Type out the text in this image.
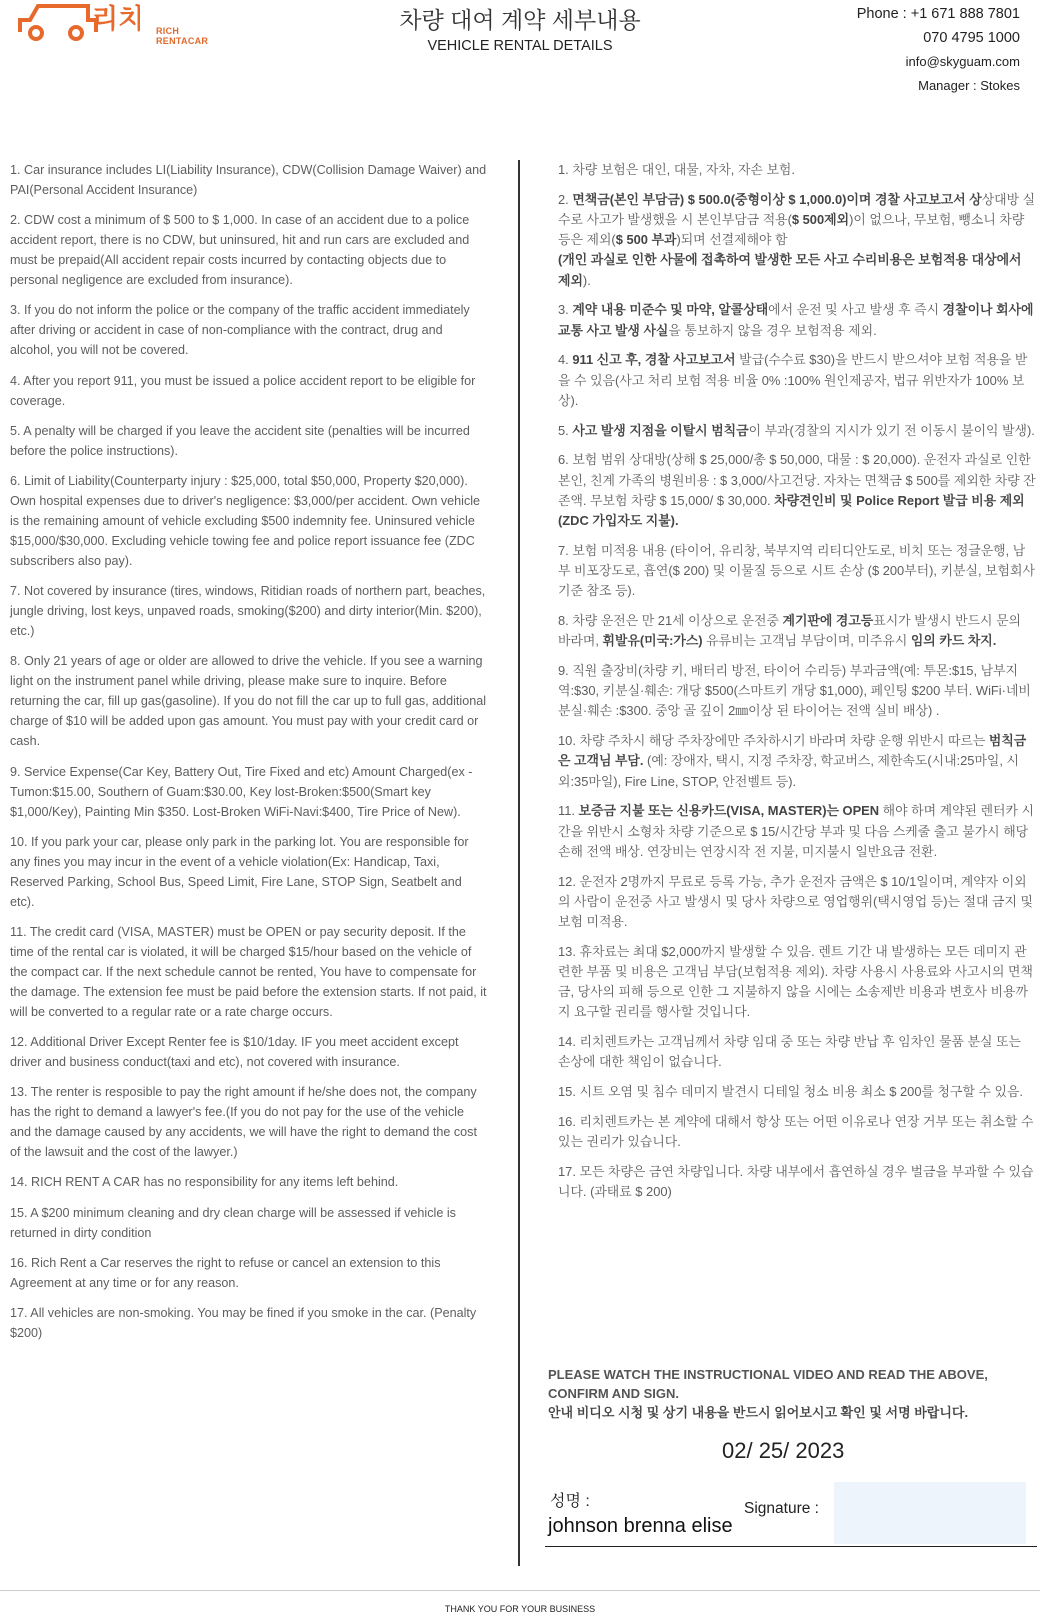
리치	RICH RENTACAR
차량 대여 계약 세부내용
VEHICLE RENTAL DETAILS
Phone : +1 671 888 7801
070 4795 1000
info@skyguam.com
Manager : Stokes

1. Car insurance includes LI(Liability Insurance), CDW(Collision Damage Waiver) and PAI(Personal Accident Insurance)

2. CDW cost a minimum of $ 500 to $ 1,000. In case of an accident due to a police accident report, there is no CDW, but uninsured, hit and run cars are excluded and must be prepaid(All accident repair costs incurred by contacting objects due to personal negligence are excluded from insurance).

3. If you do not inform the police or the company of the traffic accident immediately after driving or accident in case of non-compliance with the contract, drug and alcohol, you will not be covered.

4. After you report 911, you must be issued a police accident report to be eligible for coverage.

5. A penalty will be charged if you leave the accident site (penalties will be incurred before the police instructions).

6. Limit of Liability(Counterparty injury : $25,000, total $50,000, Property $20,000). Own hospital expenses due to driver's negligence: $3,000/per accident. Own vehicle is the remaining amount of vehicle excluding $500 indemnity fee. Uninsured vehicle $15,000/$30,000. Excluding vehicle towing fee and police report issuance fee (ZDC subscribers also pay).

7. Not covered by insurance (tires, windows, Ritidian roads of northern part, beaches, jungle driving, lost keys, unpaved roads, smoking($200) and dirty interior(Min. $200), etc.)

8. Only 21 years of age or older are allowed to drive the vehicle. If you see a warning light on the instrument panel while driving, please make sure to inquire. Before returning the car, fill up gas(gasoline). If you do not fill the car up to full gas, additional charge of $10 will be added upon gas amount. You must pay with your credit card or cash.

9. Service Expense(Car Key, Battery Out, Tire Fixed and etc) Amount Charged(ex -Tumon:$15.00, Southern of Guam:$30.00, Key lost-Broken:$500(Smart key $1,000/Key), Painting Min $350. Lost-Broken WiFi-Navi:$400, Tire Price of New).

10. If you park your car, please only park in the parking lot. You are responsible for any fines you may incur in the event of a vehicle violation(Ex: Handicap, Taxi, Reserved Parking, School Bus, Speed Limit, Fire Lane, STOP Sign, Seatbelt and etc).

11. The credit card (VISA, MASTER) must be OPEN or pay security deposit. If the time of the rental car is violated, it will be charged $15/hour based on the vehicle of the compact car. If the next schedule cannot be rented, You have to compensate for the damage. The extension fee must be paid before the extension starts. If not paid, it will be converted to a regular rate or a rate charge occurs.

12. Additional Driver Except Renter fee is $10/1day. IF you meet accident except driver and business conduct(taxi and etc), not covered with insurance.

13. The renter is resposible to pay the right amount if he/she does not, the company has the right to demand a lawyer's fee.(If you do not pay for the use of the vehicle and the damage caused by any accidents, we will have the right to demand the cost of the lawsuit and the cost of the lawyer.)

14. RICH RENT A CAR has no responsibility for any items left behind.

15. A $200 minimum cleaning and dry clean charge will be assessed if vehicle is returned in dirty condition

16. Rich Rent a Car reserves the right to refuse or cancel an extension to this Agreement at any time or for any reason.

17. All vehicles are non-smoking. You may be fined if you smoke in the car. (Penalty $200)

1. 차량 보험은 대인, 대물, 자차, 자손 보험.

2. 면책금(본인 부담금) $ 500.0(중형이상 $ 1,000.0)이며 경찰 사고보고서 상상대방 실수로 사고가 발생했을 시 본인부담금 적용($ 500제외)이 없으나, 무보험, 뺑소니 차량 등은 제외($ 500 부과)되며 선결제해야 함
(개인 과실로 인한 사물에 접촉하여 발생한 모든 사고 수리비용은 보험적용 대상에서 제외).

3. 계약 내용 미준수 및 마약, 알콜상태에서 운전 및 사고 발생 후 즉시 경찰이나 회사에 교통 사고 발생 사실을 통보하지 않을 경우 보험적용 제외.

4. 911 신고 후, 경찰 사고보고서 발급(수수료 $30)을 반드시 받으셔야 보험 적용을 받을 수 있음(사고 처리 보험 적용 비율 0% :100% 원인제공자, 법규 위반자가 100% 보상).

5. 사고 발생 지점을 이탈시 범칙금이 부과(경찰의 지시가 있기 전 이동시 불이익 발생).

6. 보험 범위 상대방(상해 $ 25,000/총 $ 50,000, 대물 : $ 20,000). 운전자 과실로 인한 본인, 친계 가족의 병원비용 : $ 3,000/사고건당. 자차는 면책금 $ 500를 제외한 차량 잔존액. 무보험 차량 $ 15,000/ $ 30,000. 차량견인비 및 Police Report 발급 비용 제외 (ZDC 가입자도 지불).

7. 보험 미적용 내용 (타이어, 유리창, 북부지역 리티디안도로, 비치 또는 정글운행, 남부 비포장도로, 흡연($ 200) 및 이물질 등으로 시트 손상 ($ 200부터), 키분실, 보험회사 기준 참조 등).

8. 차량 운전은 만 21세 이상으로 운전중 계기판에 경고등표시가 발생시 반드시 문의 바라며, 휘발유(미국:가스) 유류비는 고객님 부담이며, 미주유시 임의 카드 차지.

9. 직원 출장비(차량 키, 배터리 방전, 타이어 수리등) 부과금액(예: 투몬:$15, 남부지역:$30, 키분실·훼손: 개당 $500(스마트키 개당 $1,000), 페인팅 $200 부터. WiFi·네비 분실·훼손 :$300. 중앙 골 깊이 2㎜이상 된 타이어는 전액 실비 배상) .

10. 차량 주차시 해당 주차장에만 주차하시기 바라며 차량 운행 위반시 따르는 범칙금은 고객님 부담. (예: 장애자, 택시, 지정 주차장, 학교버스, 제한속도(시내:25마일, 시외:35마일), Fire Line, STOP, 안전벨트 등).

11. 보증금 지불 또는 신용카드(VISA, MASTER)는 OPEN 해야 하며 계약된 렌터카 시간을 위반시 소형차 차량 기준으로 $ 15/시간당 부과 및 다음 스케줄 출고 불가시 해당 손해 전액 배상. 연장비는 연장시작 전 지불, 미지불시 일반요금 전환.

12. 운전자 2명까지 무료로 등록 가능, 추가 운전자 금액은 $ 10/1일이며, 계약자 이외의 사람이 운전중 사고 발생시 및 당사 차량으로 영업행위(택시영업 등)는 절대 금지 및 보험 미적용.

13. 휴차료는 최대 $2,000까지 발생할 수 있음. 렌트 기간 내 발생하는 모든 데미지 관련한 부품 및 비용은 고객님 부담(보험적용 제외). 차량 사용시 사용료와 사고시의 면책금, 당사의 피해 등으로 인한 그 지불하지 않을 시에는 소송제반 비용과 변호사 비용까지 요구할 권리를 행사할 것입니다.

14. 리치렌트카는 고객님께서 차량 임대 중 또는 차량 반납 후 임차인 물품 분실 또는 손상에 대한 책임이 없습니다.

15. 시트 오염 및 침수 데미지 발견시 디테일 청소 비용 최소 $ 200를 청구할 수 있음.

16. 리치렌트카는 본 계약에 대해서 항상 또는 어떤 이유로나 연장 거부 또는 취소할 수 있는 권리가 있습니다.

17. 모든 차량은 금연 차량입니다. 차량 내부에서 흡연하실 경우 벌금을 부과할 수 있습니다. (과태료 $ 200)

PLEASE WATCH THE INSTRUCTIONAL VIDEO AND READ THE ABOVE, CONFIRM AND SIGN.
안내 비디오 시청 및 상기 내용을 반드시 읽어보시고 확인 및 서명 바랍니다.
02/ 25/ 2023
성명 :	Signature :
johnson brenna elise
THANK YOU FOR YOUR BUSINESS
